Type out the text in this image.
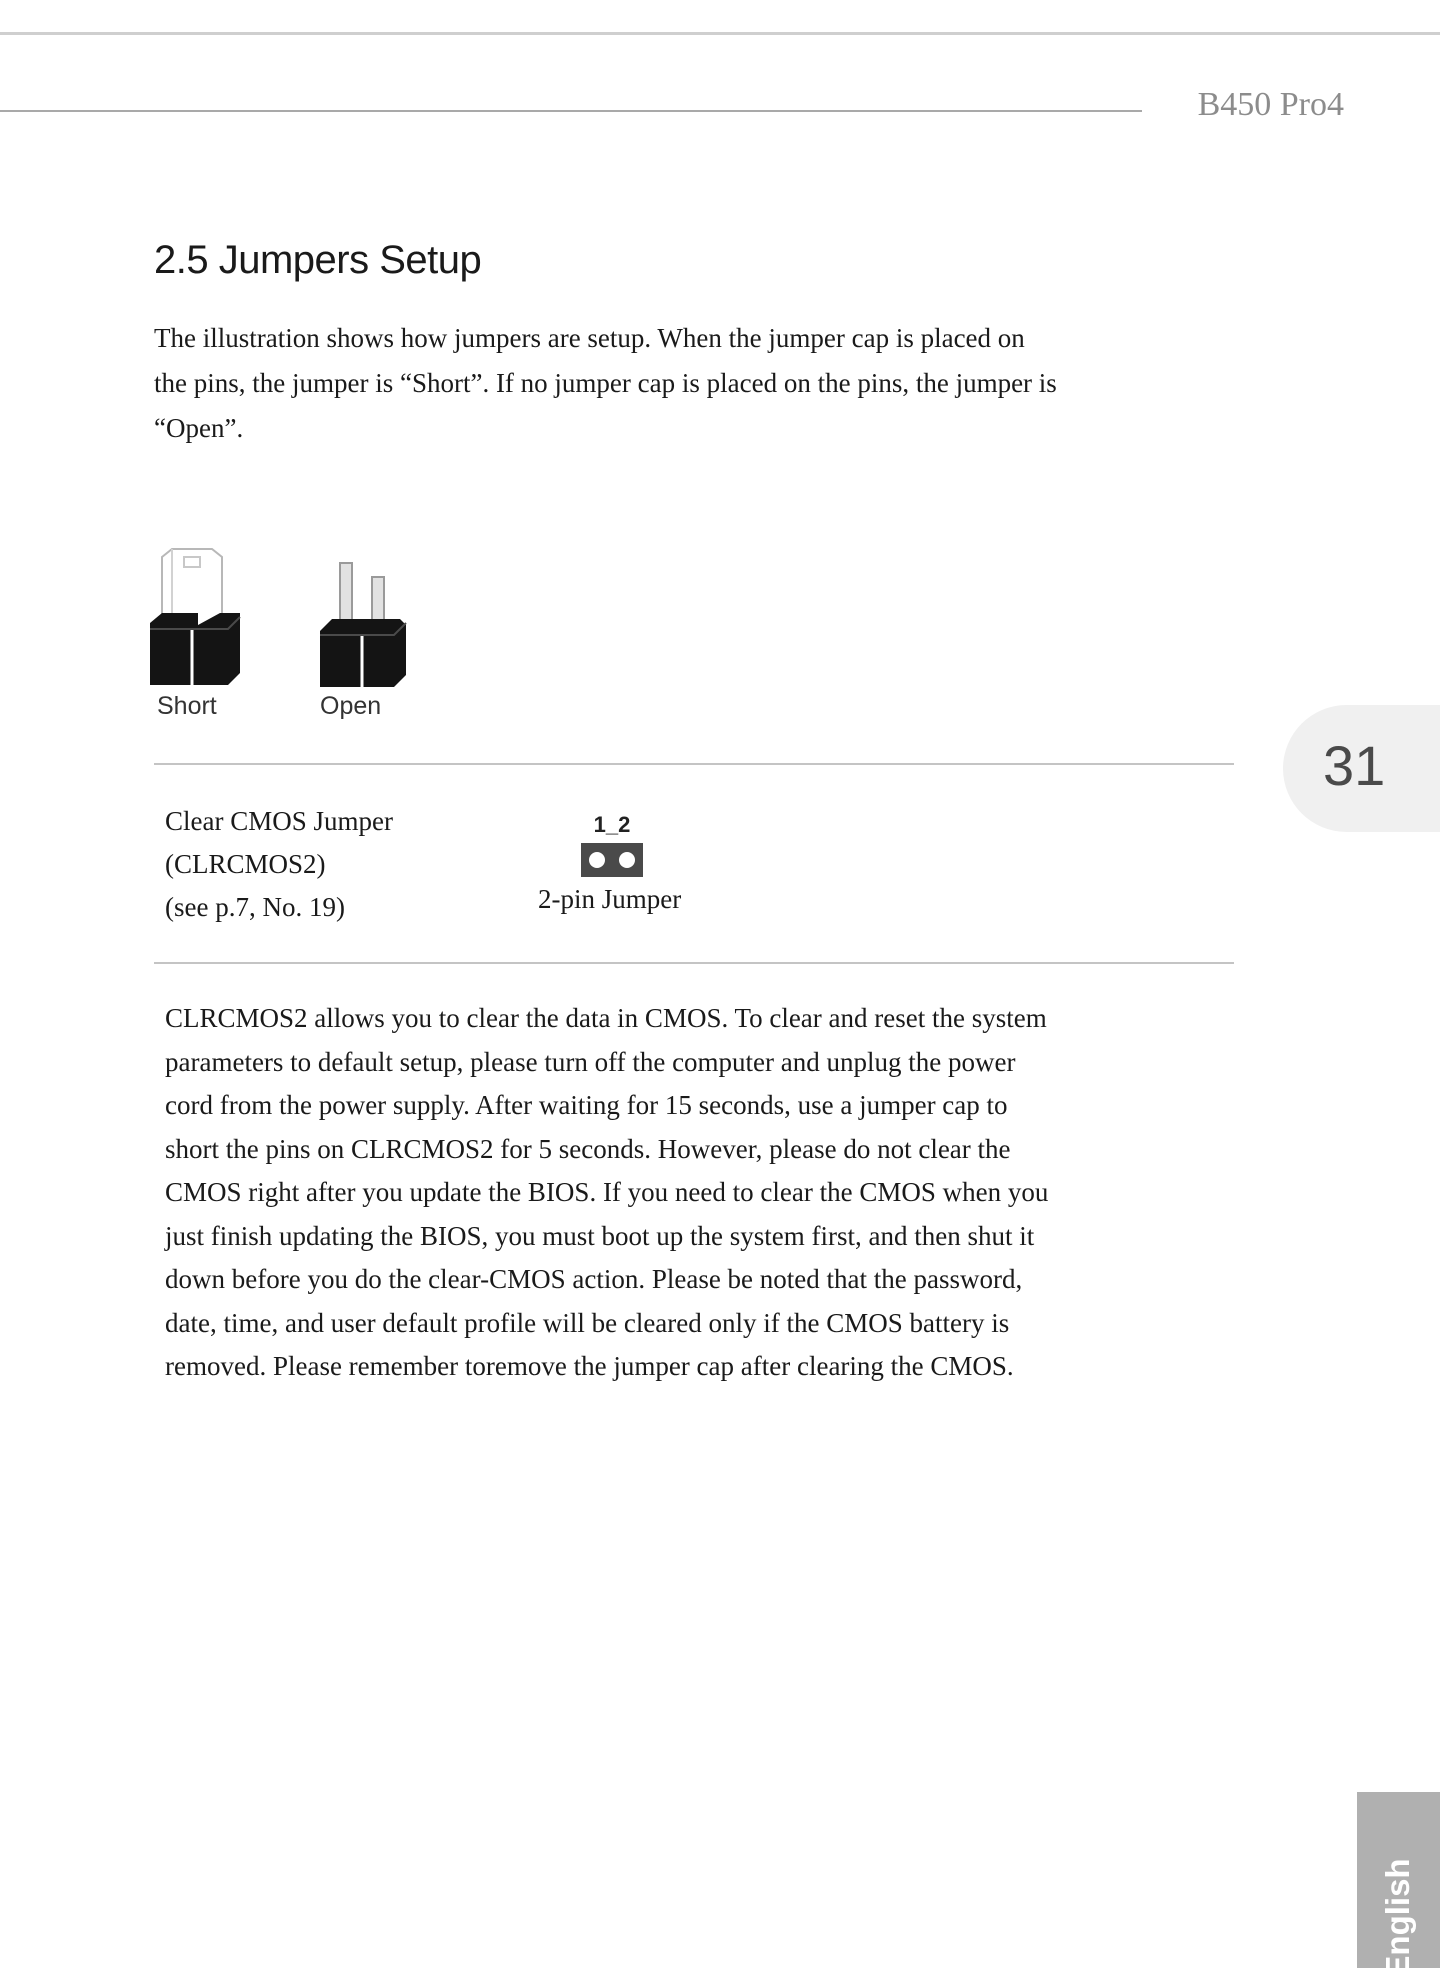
B450 Pro4
2.5 Jumpers Setup
The illustration shows how jumpers are setup. When the jumper cap is placed on
the pins, the jumper is “Short”. If no jumper cap is placed on the pins, the jumper is
“Open”.
Short	Open
Clear CMOS Jumper
(CLRCMOS2)
(see p.7, No. 19)
1_2
2-pin Jumper
CLRCMOS2 allows you to clear the data in CMOS. To clear and reset the system
parameters to default setup, please turn off the computer and unplug the power
cord from the power supply. After waiting for 15 seconds, use a jumper cap to
short the pins on CLRCMOS2 for 5 seconds. However, please do not clear the
CMOS right after you update the BIOS. If you need to clear the CMOS when you
just finish updating the BIOS, you must boot up the system first, and then shut it
down before you do the clear-CMOS action. Please be noted that the password,
date, time, and user default profile will be cleared only if the CMOS battery is
removed. Please remember toremove the jumper cap after clearing the CMOS.
31
English
